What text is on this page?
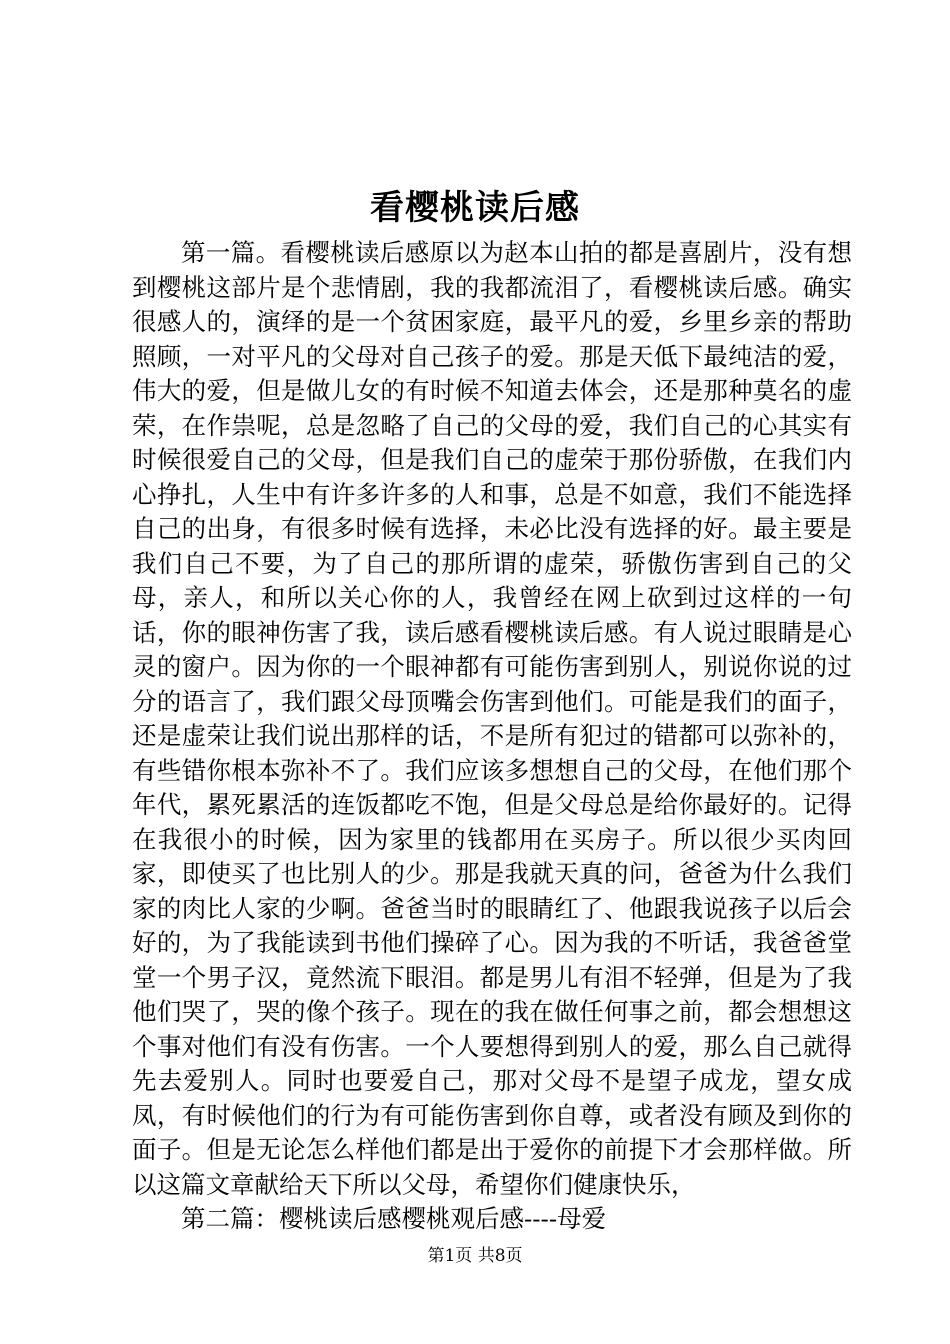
看樱桃读后感

第一篇。看樱桃读后感原以为赵本山拍的都是喜剧片，没有想到樱桃这部片是个悲情剧，我的我都流泪了，看樱桃读后感。确实很感人的，演绎的是一个贫困家庭，最平凡的爱，乡里乡亲的帮助照顾，一对平凡的父母对自己孩子的爱。那是天低下最纯洁的爱，伟大的爱，但是做儿女的有时候不知道去体会，还是那种莫名的虚荣，在作祟呢，总是忽略了自己的父母的爱，我们自己的心其实有时候很爱自己的父母，但是我们自己的虚荣于那份骄傲，在我们内心挣扎，人生中有许多许多的人和事，总是不如意，我们不能选择自己的出身，有很多时候有选择，未必比没有选择的好。最主要是我们自己不要，为了自己的那所谓的虚荣，骄傲伤害到自己的父母，亲人，和所以关心你的人，我曾经在网上砍到过这样的一句话，你的眼神伤害了我，读后感看樱桃读后感。有人说过眼睛是心灵的窗户。因为你的一个眼神都有可能伤害到别人，别说你说的过分的语言了，我们跟父母顶嘴会伤害到他们。可能是我们的面子，还是虚荣让我们说出那样的话，不是所有犯过的错都可以弥补的，有些错你根本弥补不了。我们应该多想想自己的父母，在他们那个年代，累死累活的连饭都吃不饱，但是父母总是给你最好的。记得在我很小的时候，因为家里的钱都用在买房子。所以很少买肉回家，即使买了也比别人的少。那是我就天真的问，爸爸为什么我们家的肉比人家的少啊。爸爸当时的眼睛红了、他跟我说孩子以后会好的，为了我能读到书他们操碎了心。因为我的不听话，我爸爸堂堂一个男子汉，竟然流下眼泪。都是男儿有泪不轻弹，但是为了我他们哭了，哭的像个孩子。现在的我在做任何事之前，都会想想这个事对他们有没有伤害。一个人要想得到别人的爱，那么自己就得先去爱别人。同时也要爱自己，那对父母不是望子成龙，望女成凤，有时候他们的行为有可能伤害到你自尊，或者没有顾及到你的面子。但是无论怎么样他们都是出于爱你的前提下才会那样做。所以这篇文章献给天下所以父母，希望你们健康快乐，

第二篇：樱桃读后感樱桃观后感----母爱

第1页 共8页
